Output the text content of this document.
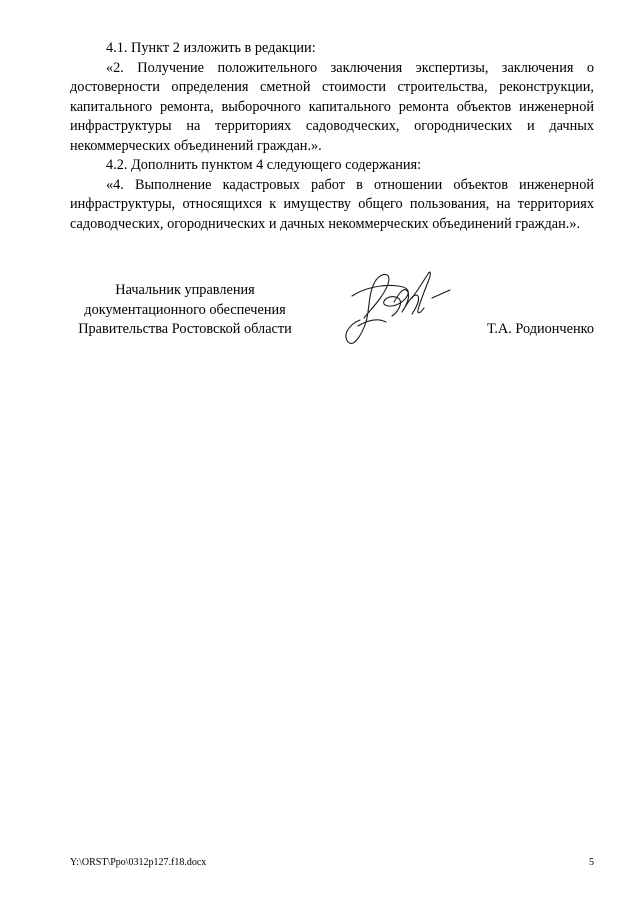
4.1. Пункт 2 изложить в редакции:

«2. Получение положительного заключения экспертизы, заключения о достоверности определения сметной стоимости строительства, реконструкции, капитального ремонта, выборочного капитального ремонта объектов инженерной инфраструктуры на территориях садоводческих, огороднических и дачных некоммерческих объединений граждан.».

4.2. Дополнить пунктом 4 следующего содержания:

«4. Выполнение кадастровых работ в отношении объектов инженерной инфраструктуры, относящихся к имуществу общего пользования, на территориях садоводческих, огороднических и дачных некоммерческих объединений граждан.».

Начальник управления
документационного обеспечения
Правительства Ростовской области	Т.А. Родионченко
Y:\ORST\Ppo\0312p127.f18.docx	5
